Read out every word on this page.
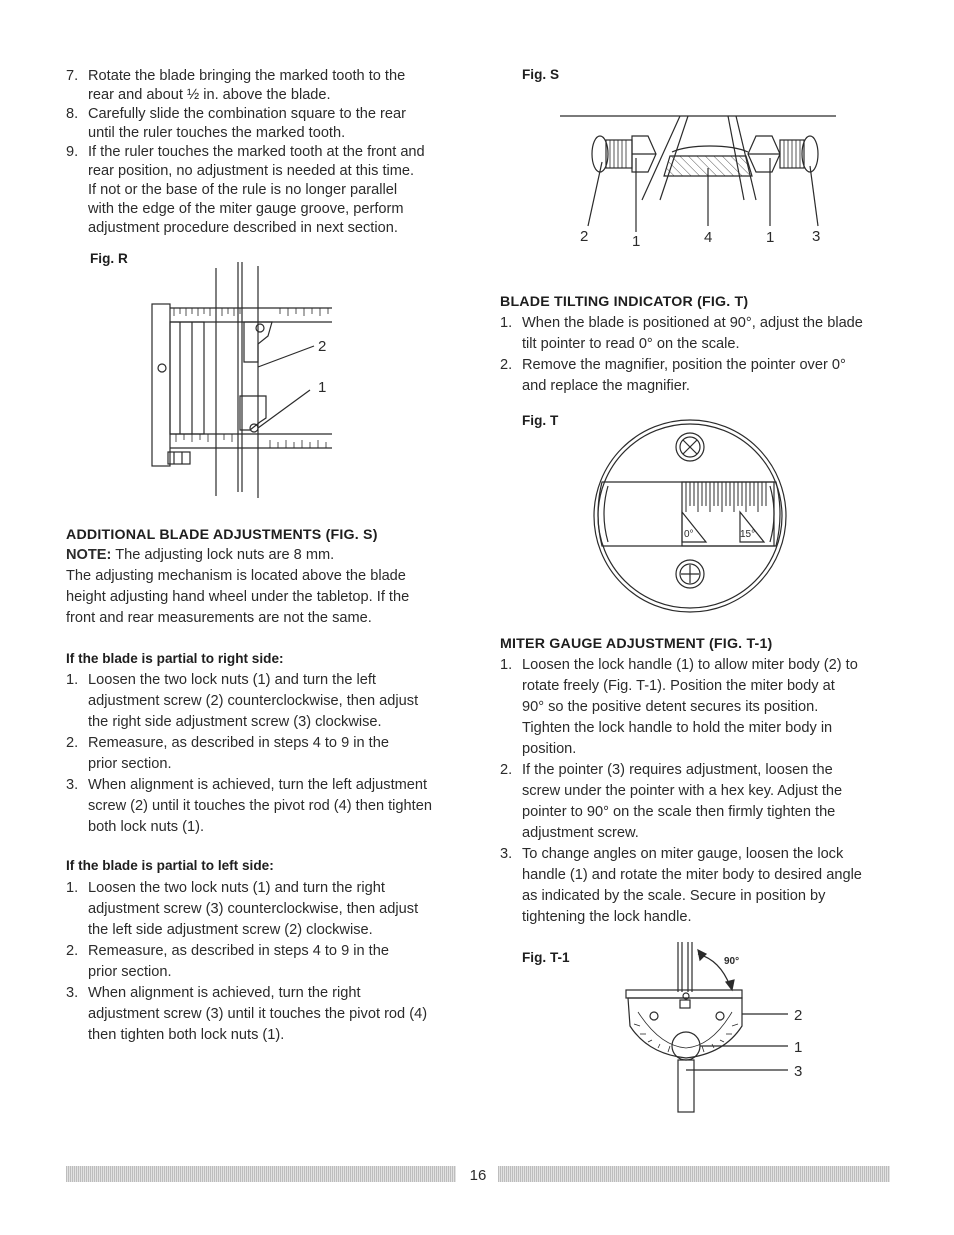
7. Rotate the blade bringing the marked tooth to the

rear and about ½ in. above the blade.

8. Carefully slide the combination square to the rear

until the ruler touches the marked tooth.

9. If the ruler touches the marked tooth at the front and

rear position, no adjustment is needed at this time.

If not or the base of the rule is no longer parallel

with the edge of the miter gauge groove, perform

adjustment procedure described in next section.

Fig. R
2
1
ADDITIONAL BLADE ADJUSTMENTS (FIG. S)

NOTE: The adjusting lock nuts are 8 mm.

The adjusting mechanism is located above the blade

height adjusting hand wheel under the tabletop. If the

front and rear measurements are not the same.

If the blade is partial to right side:
1. Loosen the two lock nuts (1) and turn the left

adjustment screw (2) counterclockwise, then adjust

the right side adjustment screw (3) clockwise.

2. Remeasure, as described in steps 4 to 9 in the

prior section.

3. When alignment is achieved, turn the left adjustment

screw (2) until it touches the pivot rod (4) then tighten

both lock nuts (1).

If the blade is partial to left side:
1. Loosen the two lock nuts (1) and turn the right

adjustment screw (3) counterclockwise, then adjust

the left side adjustment screw (2) clockwise.

2. Remeasure, as described in steps 4 to 9 in the

prior section.

3. When alignment is achieved, turn the right

adjustment screw (3) until it touches the pivot rod (4)

then tighten both lock nuts (1).

Fig. S
2	1	4	1	3
BLADE TILTING INDICATOR (FIG. T)
1. When the blade is positioned at 90°, adjust the blade

tilt pointer to read 0° on the scale.

2. Remove the magnifier, position the pointer over 0°

and replace the magnifier.

Fig. T
0°	15°
MITER GAUGE ADJUSTMENT (FIG. T-1)
1. Loosen the lock handle (1) to allow miter body (2) to

rotate freely (Fig. T-1). Position the miter body at

90° so the positive detent secures its position.

Tighten the lock handle to hold the miter body in

position.

2. If the pointer (3) requires adjustment, loosen the

screw under the pointer with a hex key. Adjust the

pointer to 90° on the scale then firmly tighten the

adjustment screw.

3. To change angles on miter gauge, loosen the lock

handle (1) and rotate the miter body to desired angle

as indicated by the scale. Secure in position by

tightening the lock handle.

Fig. T-1	90°
2
1
3
16
